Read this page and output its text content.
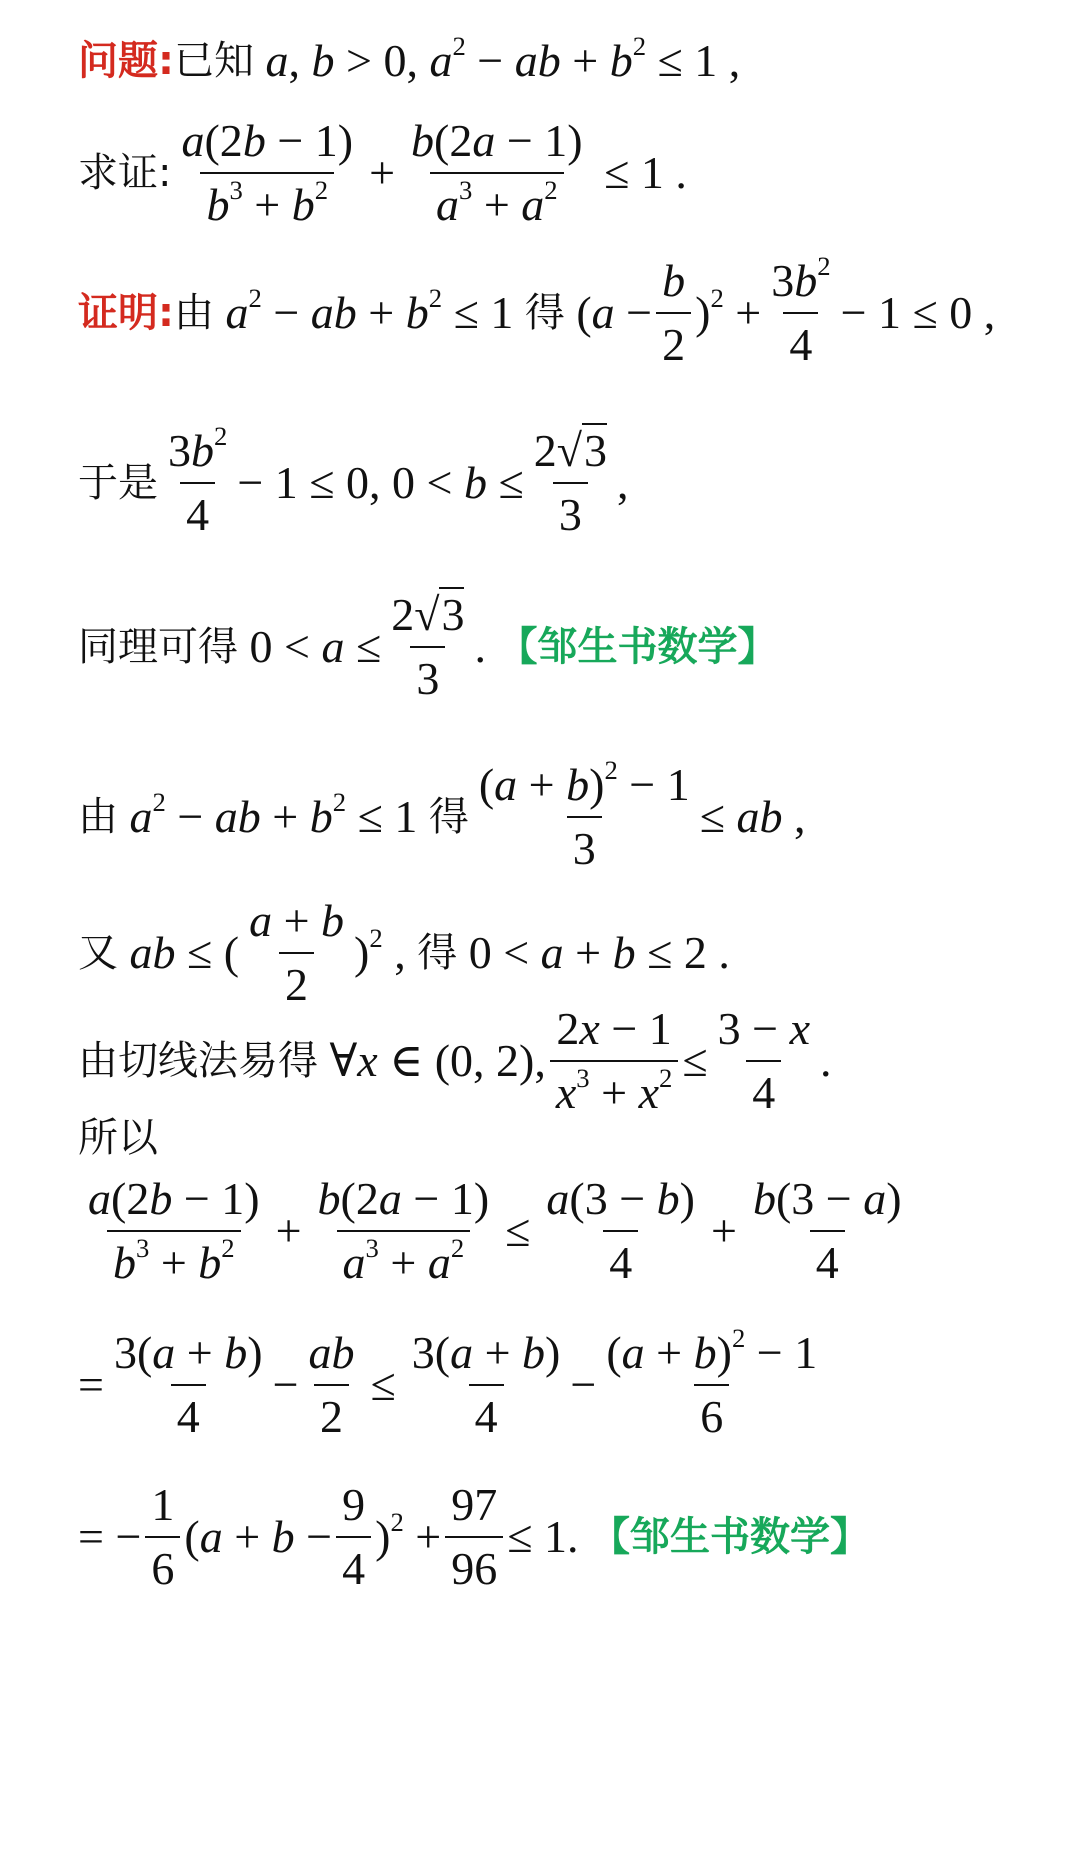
问题: 已知 a, b > 0, $a^2$ − ab + $b^2 \le 1$ ,
求证: $\frac{a(2b - 1)}{b^3 + b^2} + \frac{b(2a - 1)}{a^3 + a^2} \le 1$ .
证明: 由 $a^2$ − ab + $b^2 \le 1$ 得 $(a - \frac{b}{2} )^2 + \frac{3b^2}{4} - 1 \le 0$ ,
于是 $\frac{3b^2}{4} - 1 \le 0$, $0 < b \le \frac{2√3}{3}$ ,
同理可得 $0 < a \le \frac{2√3}{3}$ . 【邹生书数学】
由 $a^2$ − ab + $b^2 \le 1$ 得 $\frac{(a + b)^2 - 1}{3}$ ≤ ab ,
又 ab ≤ ( $\frac{a + b}{2} )^2$ , 得 0 < a + b ≤ 2 .
由切线法易得 ∀x ∈ (0, 2), $\frac{2x - 1}{x^3 + x^2} \le \frac{3 - x}{4}$ .
所以
$\frac{a(2b - 1)}{b^3 + b^2} + \frac{b(2a - 1)}{a^3 + a^2} \le \frac{a(3 - b)}{4} + \frac{b(3 - a)}{4}$
= $\frac{3(a + b)}{4} - \frac{ab}{2} \le \frac{3(a + b)}{4} - \frac{(a + b)^2 - 1}{6}$
= − $\frac{1}{6} (a + b - \frac{9}{4} )^2 + \frac{97}{96} \le 1$. 【邹生书数学】
